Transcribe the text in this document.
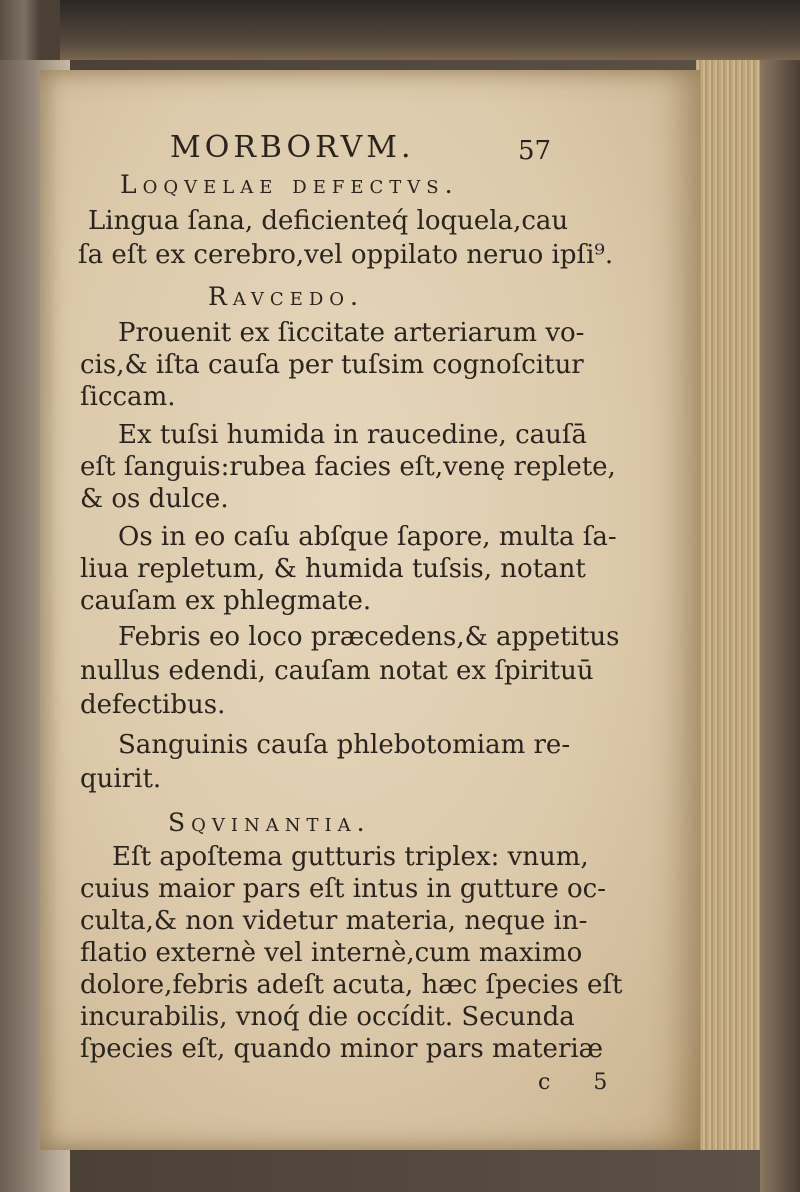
MORBORVM.	57
Loqvelae defectvs.
Lingua ſana, deficienteq́ loquela,cau
ſa eſt ex cerebro,vel oppilato neruo ipſi⁹.
Ravcedo.
Prouenit ex ſiccitate arteriarum vo-
cis,& iſta cauſa per tuſsim cognoſcitur
ſiccam.
Ex tuſsi humida in raucedine, cauſā
eſt ſanguis:rubea facies eſt,venę replete,
& os dulce.
Os in eo caſu abſque ſapore, multa ſa-
liua repletum, & humida tuſsis, notant
cauſam ex phlegmate.
Febris eo loco præcedens,& appetitus
nullus edendi, cauſam notat ex ſpirituū
defectibus.
Sanguinis cauſa phlebotomiam re-
quirit.
Sqvinantia.
Eſt apoſtema gutturis triplex: vnum,
cuius maior pars eſt intus in gutture oc-
culta,& non videtur materia, neque in-
flatio externè vel internè,cum maximo
dolore,febris adeſt acuta, hæc ſpecies eſt
incurabilis, vnoq́ die occídit. Secunda
ſpecies eſt, quando minor pars materiæ
c 5
